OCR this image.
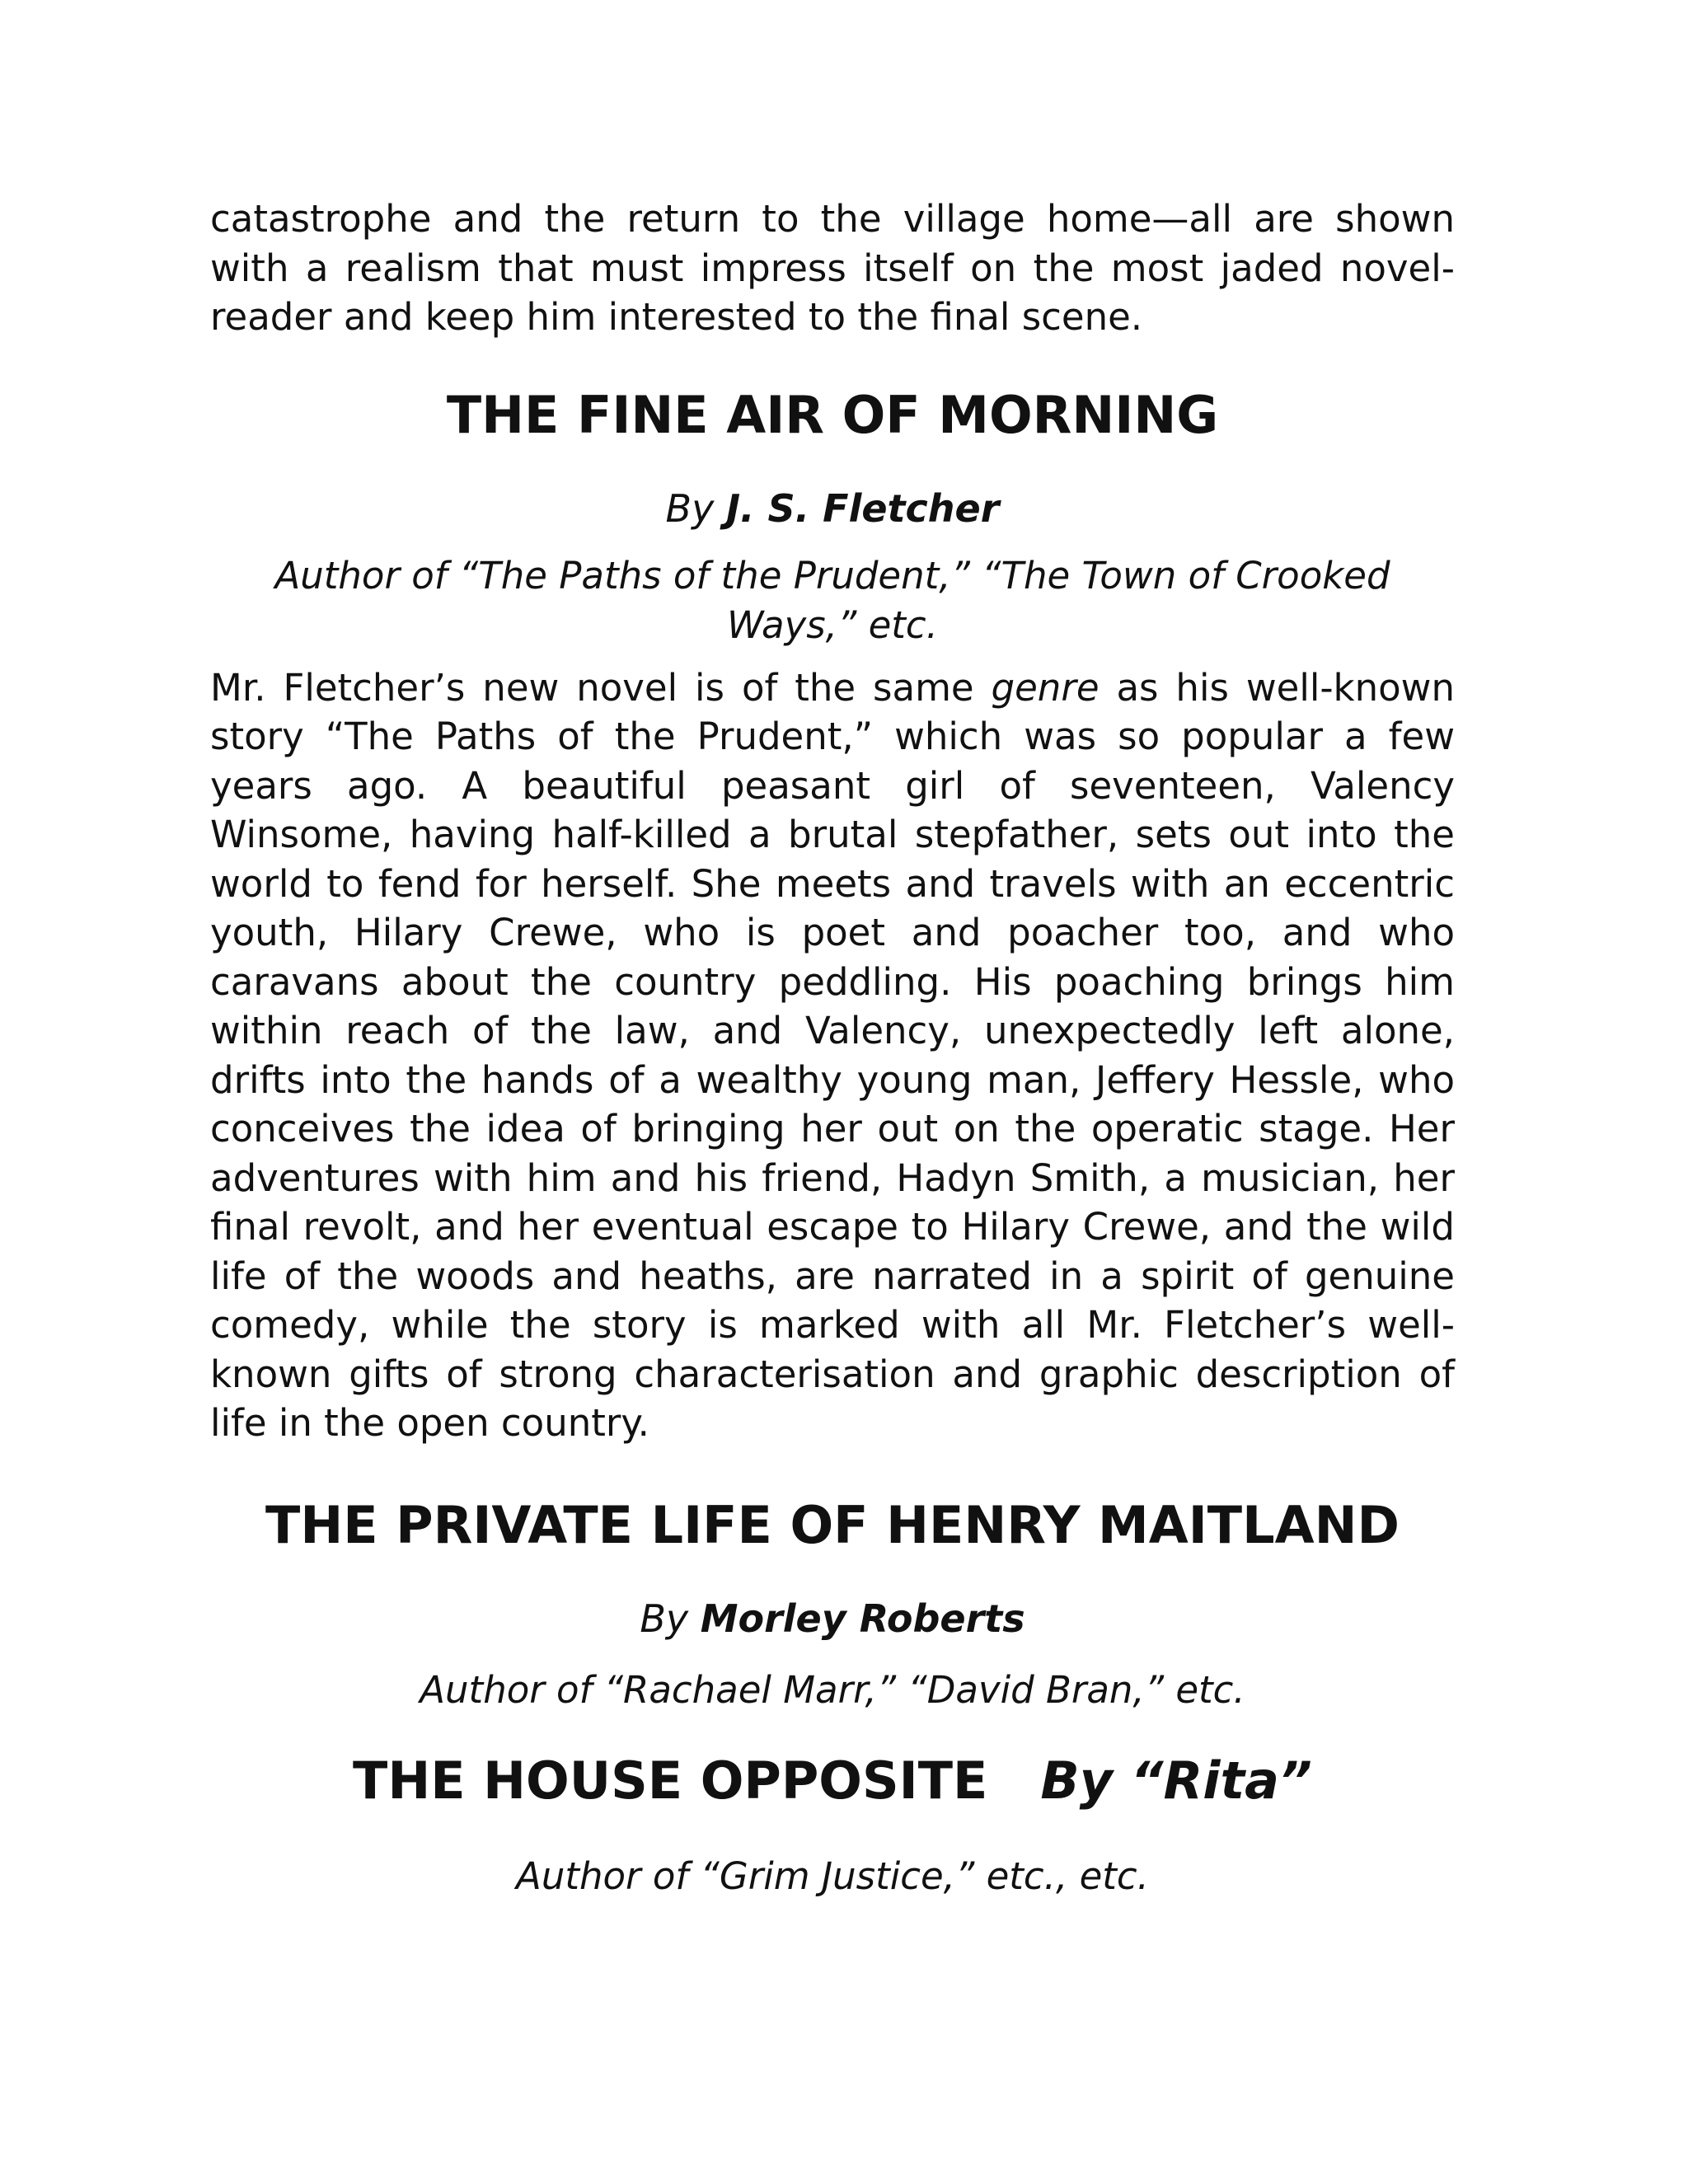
catastrophe and the return to the village home—all are shown with a realism that must impress itself on the most jaded novel-reader and keep him interested to the final scene.

THE FINE AIR OF MORNING

By J. S. Fletcher

Author of “The Paths of the Prudent,” “The Town of Crooked Ways,” etc.

Mr. Fletcher’s new novel is of the same genre as his well-known story “The Paths of the Prudent,” which was so popular a few years ago. A beautiful peasant girl of seventeen, Valency Winsome, having half-killed a brutal stepfather, sets out into the world to fend for herself. She meets and travels with an eccentric youth, Hilary Crewe, who is poet and poacher too, and who caravans about the country peddling. His poaching brings him within reach of the law, and Valency, unexpectedly left alone, drifts into the hands of a wealthy young man, Jeffery Hessle, who conceives the idea of bringing her out on the operatic stage. Her adventures with him and his friend, Hadyn Smith, a musician, her final revolt, and her eventual escape to Hilary Crewe, and the wild life of the woods and heaths, are narrated in a spirit of genuine comedy, while the story is marked with all Mr. Fletcher’s well-known gifts of strong characterisation and graphic description of life in the open country.

THE PRIVATE LIFE OF HENRY MAITLAND

By Morley Roberts

Author of “Rachael Marr,” “David Bran,” etc.

THE HOUSE OPPOSITE By “Rita”

Author of “Grim Justice,” etc., etc.
